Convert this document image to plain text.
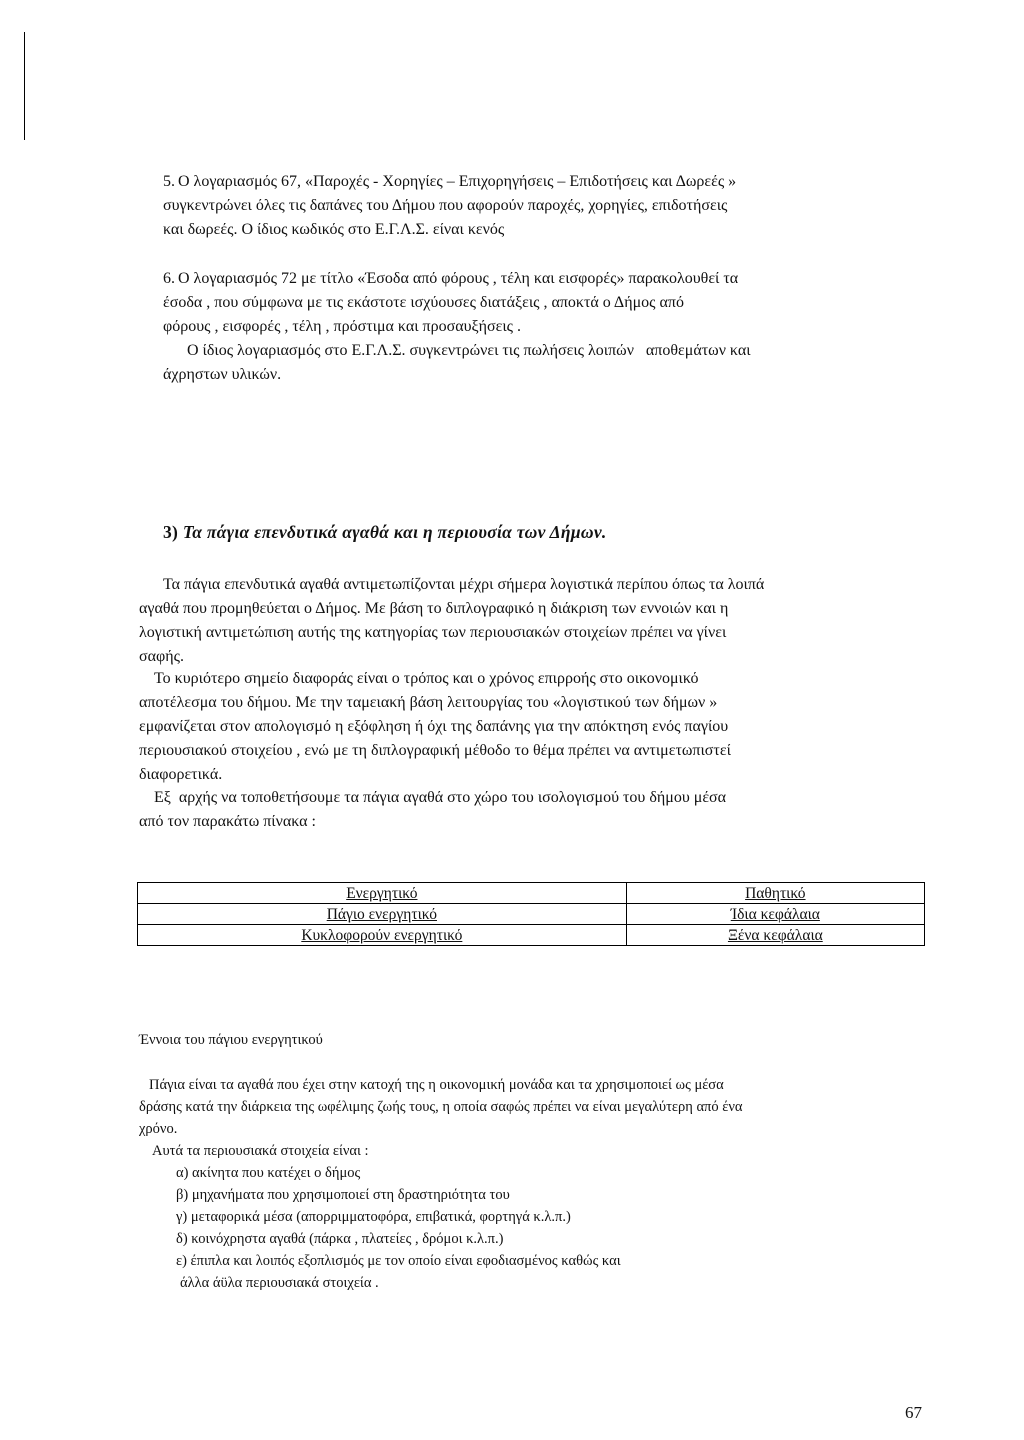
5. Ο λογαριασμός 67, «Παροχές - Χορηγίες – Επιχορηγήσεις – Επιδοτήσεις και Δωρεές »
συγκεντρώνει όλες τις δαπάνες του Δήμου που αφορούν παροχές, χορηγίες, επιδοτήσεις
και δωρεές. Ο ίδιος κωδικός στο Ε.Γ.Λ.Σ. είναι κενός
6. Ο λογαριασμός 72 με τίτλο «Έσοδα από φόρους , τέλη και εισφορές» παρακολουθεί τα
έσοδα , που σύμφωνα με τις εκάστοτε ισχύουσες διατάξεις , αποκτά ο Δήμος από
φόρους , εισφορές , τέλη , πρόστιμα και προσαυξήσεις .
Ο ίδιος λογαριασμός στο Ε.Γ.Λ.Σ. συγκεντρώνει τις πωλήσεις λοιπών   αποθεμάτων και
άχρηστων υλικών.
3) Τα πάγια επενδυτικά αγαθά και η περιουσία των Δήμων.
Τα πάγια επενδυτικά αγαθά αντιμετωπίζονται μέχρι σήμερα λογιστικά περίπου όπως τα λοιπά
αγαθά που προμηθεύεται ο Δήμος. Με βάση το διπλογραφικό η διάκριση των εννοιών και η
λογιστική αντιμετώπιση αυτής της κατηγορίας των περιουσιακών στοιχείων πρέπει να γίνει
σαφής.
Το κυριότερο σημείο διαφοράς είναι ο τρόπος και ο χρόνος επιρροής στο οικονομικό
αποτέλεσμα του δήμου. Με την ταμειακή βάση λειτουργίας του «λογιστικού των δήμων »
εμφανίζεται στον απολογισμό η εξόφληση ή όχι της δαπάνης για την απόκτηση ενός παγίου
περιουσιακού στοιχείου , ενώ με τη διπλογραφική μέθοδο το θέμα πρέπει να αντιμετωπιστεί
διαφορετικά.
Εξ  αρχής να τοποθετήσουμε τα πάγια αγαθά στο χώρο του ισολογισμού του δήμου μέσα
από τον παρακάτω πίνακα :
Ενεργητικό	Παθητικό
Πάγιο ενεργητικό	Ίδια κεφάλαια
Κυκλοφορούν ενεργητικό	Ξένα κεφάλαια
Έννοια του πάγιου ενεργητικού
Πάγια είναι τα αγαθά που έχει στην κατοχή της η οικονομική μονάδα και τα χρησιμοποιεί ως μέσα
δράσης κατά την διάρκεια της ωφέλιμης ζωής τους, η οποία σαφώς πρέπει να είναι μεγαλύτερη από ένα
χρόνο.
Αυτά τα περιουσιακά στοιχεία είναι :
α) ακίνητα που κατέχει ο δήμος
β) μηχανήματα που χρησιμοποιεί στη δραστηριότητα του
γ) μεταφορικά μέσα (απορριμματοφόρα, επιβατικά, φορτηγά κ.λ.π.)
δ) κοινόχρηστα αγαθά (πάρκα , πλατείες , δρόμοι κ.λ.π.)
ε) έπιπλα και λοιπός εξοπλισμός με τον οποίο είναι εφοδιασμένος καθώς και
άλλα άϋλα περιουσιακά στοιχεία .
67
